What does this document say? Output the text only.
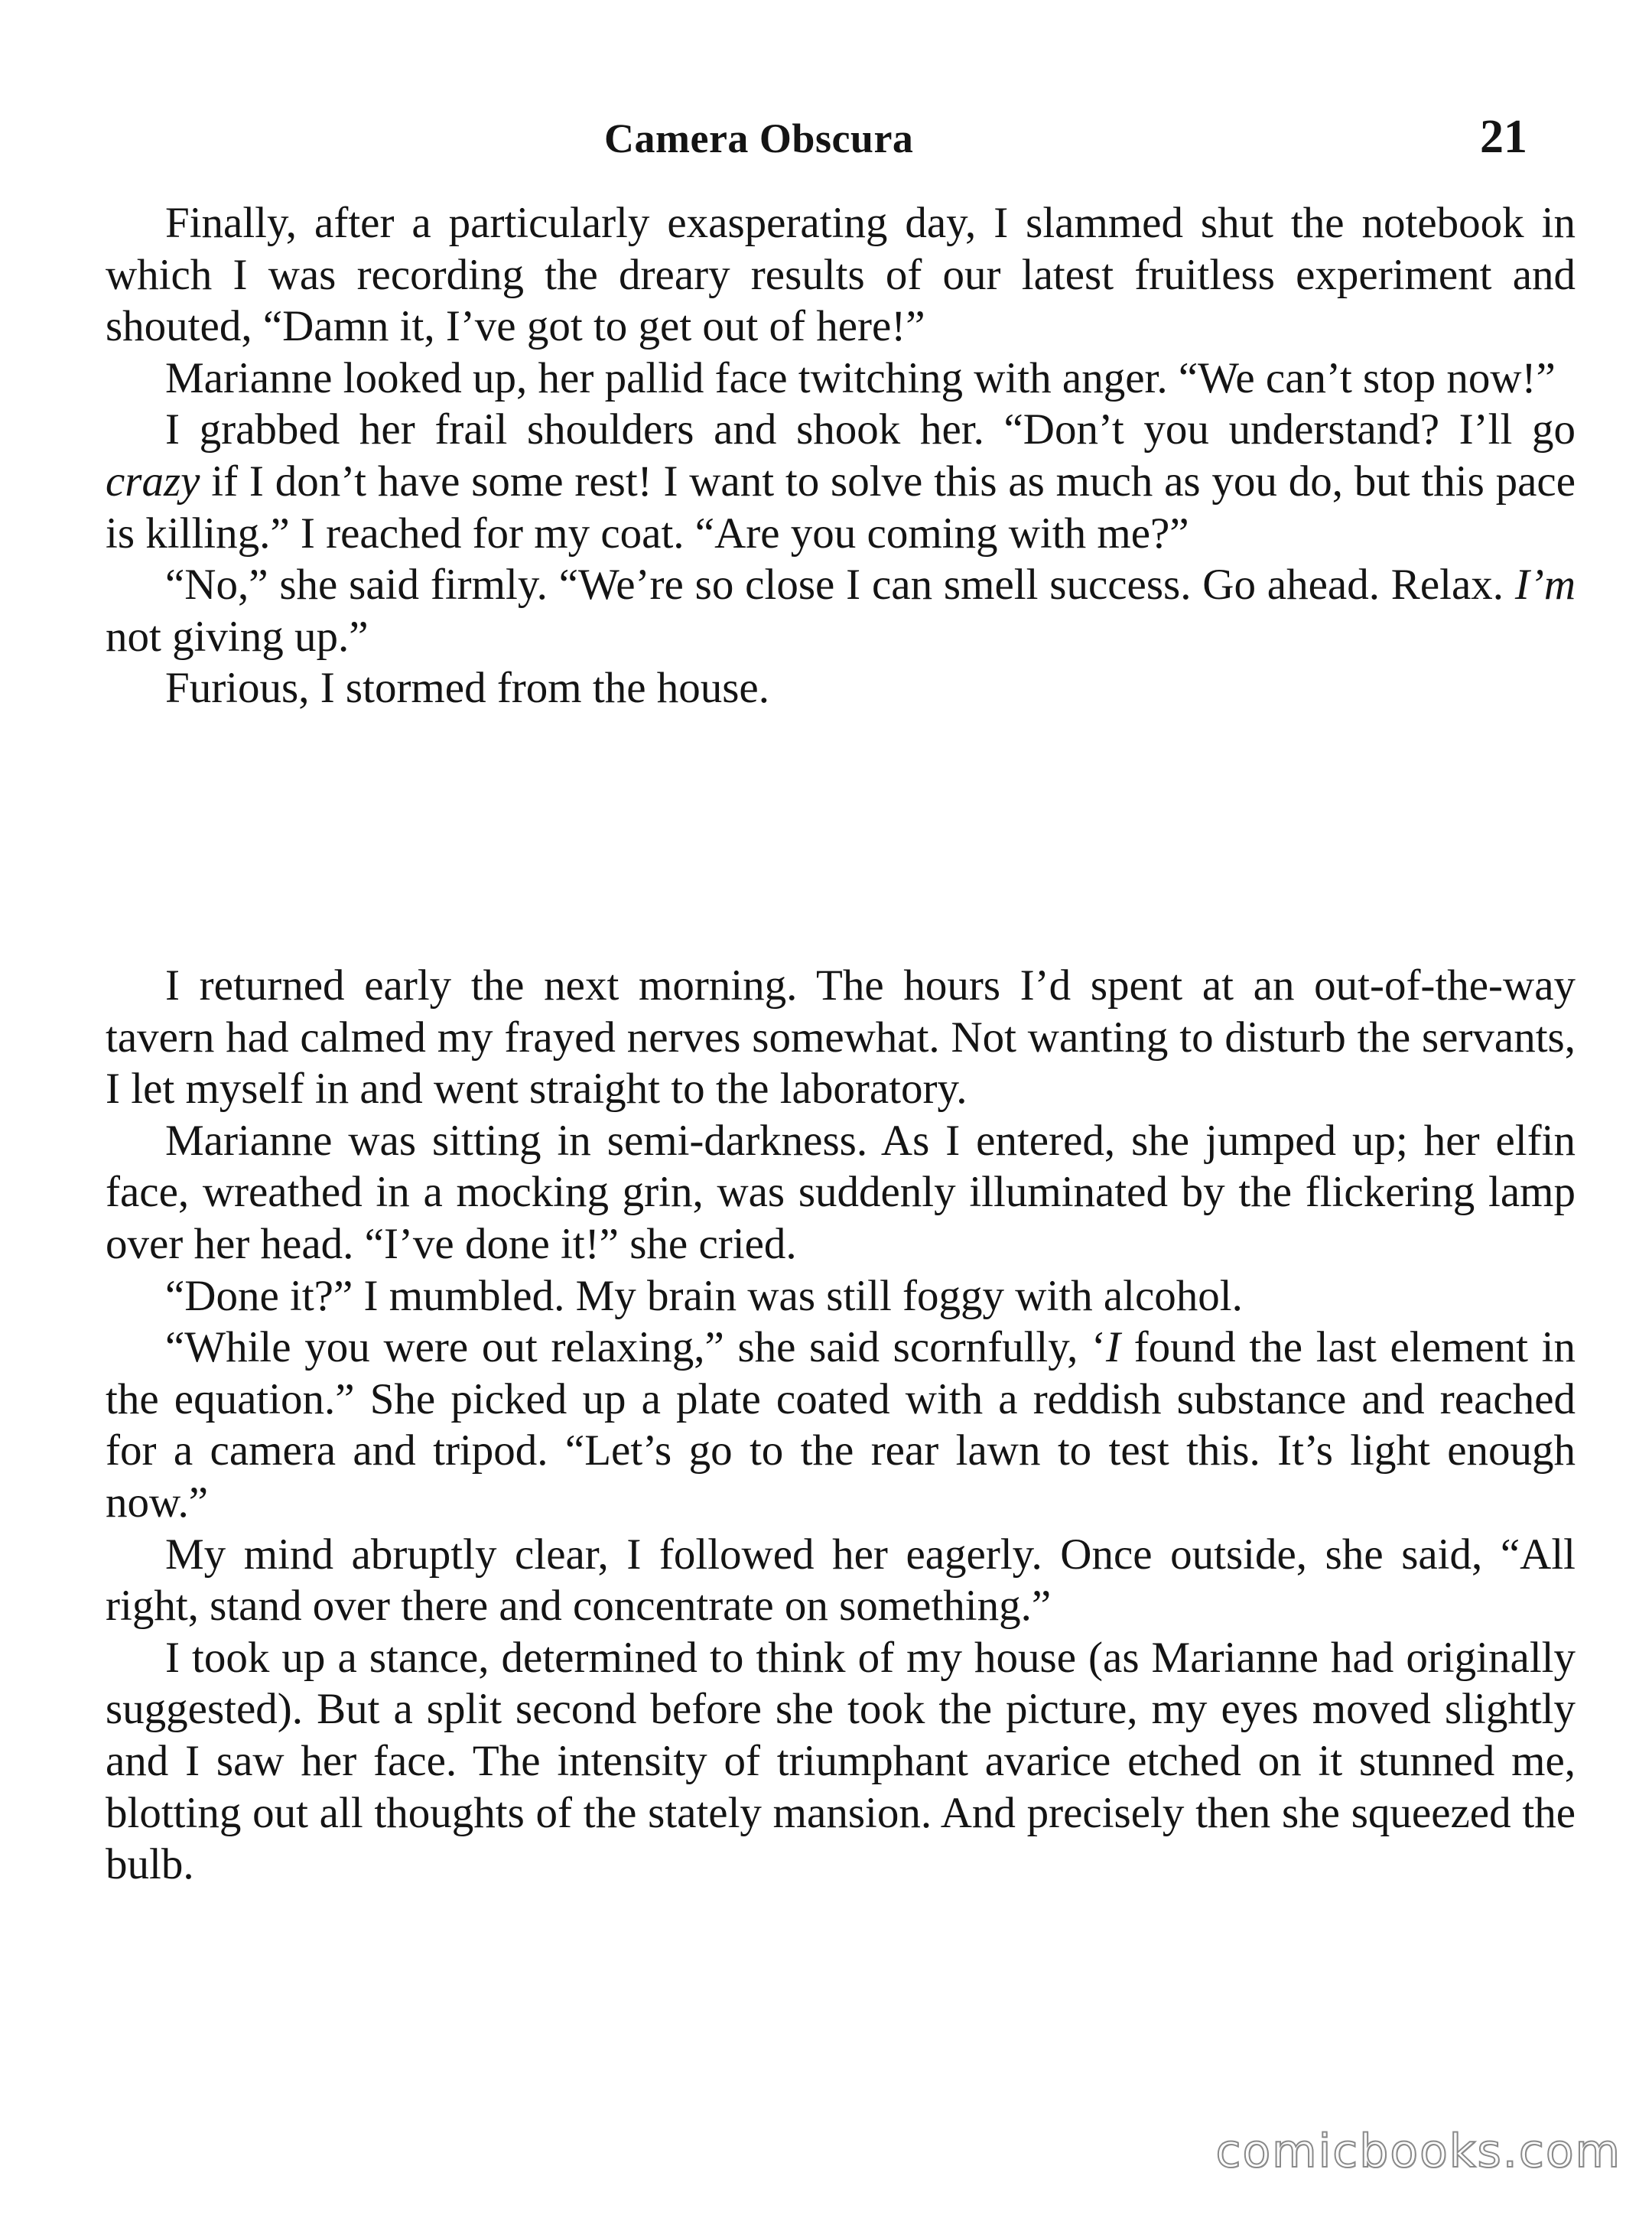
Camera Obscura	21

Finally, after a particularly exasperating day, I slammed shut the notebook in which I was recording the dreary results of our latest fruitless experiment and shouted, “Damn it, I’ve got to get out of here!”

Marianne looked up, her pallid face twitching with anger. “We can’t stop now!”

I grabbed her frail shoulders and shook her. “Don’t you understand? I’ll go crazy if I don’t have some rest! I want to solve this as much as you do, but this pace is killing.” I reached for my coat. “Are you coming with me?”

“No,” she said firmly. “We’re so close I can smell success. Go ahead. Relax. I’m not giving up.”

Furious, I stormed from the house.

I returned early the next morning. The hours I’d spent at an out-of-the-way tavern had calmed my frayed nerves somewhat. Not wanting to disturb the servants, I let myself in and went straight to the laboratory.

Marianne was sitting in semi-darkness. As I entered, she jumped up; her elfin face, wreathed in a mocking grin, was suddenly illuminated by the flickering lamp over her head. “I’ve done it!” she cried.

“Done it?” I mumbled. My brain was still foggy with alcohol.

“While you were out relaxing,” she said scornfully, ‘I found the last element in the equation.” She picked up a plate coated with a reddish substance and reached for a camera and tripod. “Let’s go to the rear lawn to test this. It’s light enough now.”

My mind abruptly clear, I followed her eagerly. Once outside, she said, “All right, stand over there and concentrate on something.”

I took up a stance, determined to think of my house (as Marianne had originally suggested). But a split second before she took the picture, my eyes moved slightly and I saw her face. The intensity of triumphant avarice etched on it stunned me, blotting out all thoughts of the stately mansion. And precisely then she squeezed the bulb.

comicbooks.com
